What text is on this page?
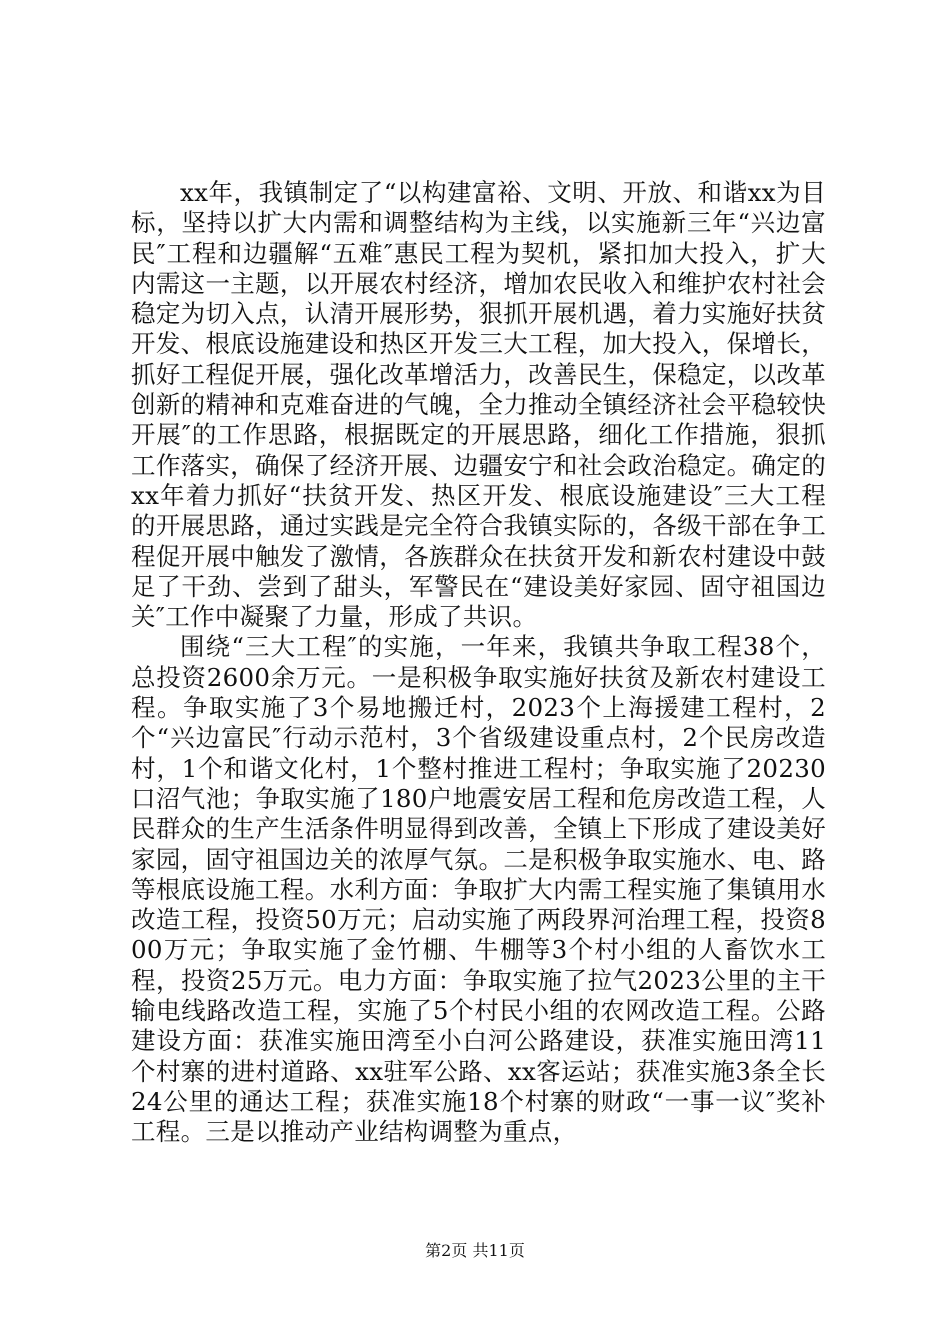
xx年，我镇制定了“以构建富裕、文明、开放、和谐xx为目标，坚持以扩大内需和调整结构为主线，以实施新三年“兴边富民″工程和边疆解“五难″惠民工程为契机，紧扣加大投入，扩大内需这一主题，以开展农村经济，增加农民收入和维护农村社会稳定为切入点，认清开展形势，狠抓开展机遇，着力实施好扶贫开发、根底设施建设和热区开发三大工程，加大投入，保增长，抓好工程促开展，强化改革增活力，改善民生，保稳定，以改革创新的精神和克难奋进的气魄，全力推动全镇经济社会平稳较快开展″的工作思路，根据既定的开展思路，细化工作措施，狠抓工作落实，确保了经济开展、边疆安宁和社会政治稳定。确定的xx年着力抓好“扶贫开发、热区开发、根底设施建设″三大工程的开展思路，通过实践是完全符合我镇实际的，各级干部在争工程促开展中触发了激情，各族群众在扶贫开发和新农村建设中鼓足了干劲、尝到了甜头，军警民在“建设美好家园、固守祖国边关″工作中凝聚了力量，形成了共识。

围绕“三大工程″的实施，一年来，我镇共争取工程38个，总投资2600余万元。一是积极争取实施好扶贫及新农村建设工程。争取实施了3个易地搬迁村，2023个上海援建工程村，2个“兴边富民″行动示范村，3个省级建设重点村，2个民房改造村，1个和谐文化村，1个整村推进工程村；争取实施了20230口沼气池；争取实施了180户地震安居工程和危房改造工程，人民群众的生产生活条件明显得到改善，全镇上下形成了建设美好家园，固守祖国边关的浓厚气氛。二是积极争取实施水、电、路等根底设施工程。水利方面：争取扩大内需工程实施了集镇用水改造工程，投资50万元；启动实施了两段界河治理工程，投资800万元；争取实施了金竹棚、牛棚等3个村小组的人畜饮水工程，投资25万元。电力方面：争取实施了拉气2023公里的主干输电线路改造工程，实施了5个村民小组的农网改造工程。公路建设方面：获准实施田湾至小白河公路建设，获准实施田湾11个村寨的进村道路、xx驻军公路、xx客运站；获准实施3条全长24公里的通达工程；获准实施18个村寨的财政“一事一议″奖补工程。三是以推动产业结构调整为重点，

第2页 共11页
